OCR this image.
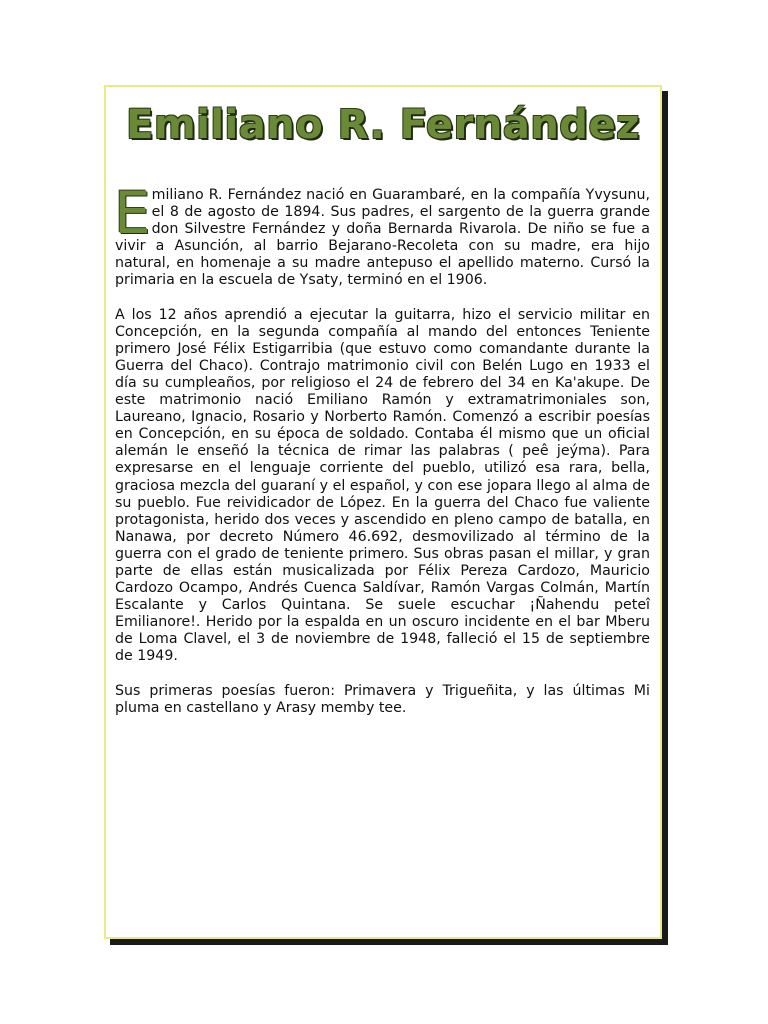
Emiliano R. Fernández

Emiliano R. Fernández nació en Guarambaré, en la compañía Yvysunu, el 8 de agosto de 1894. Sus padres, el sargento de la guerra grande don Silvestre Fernández y doña Bernarda Rivarola. De niño se fue a vivir a Asunción, al barrio Bejarano-Recoleta con su madre, era hijo natural, en homenaje a su madre antepuso el apellido materno. Cursó la primaria en la escuela de Ysaty, terminó en el 1906.

A los 12 años aprendió a ejecutar la guitarra, hizo el servicio militar en Concepción, en la segunda compañía al mando del entonces Teniente primero José Félix Estigarribia (que estuvo como comandante durante la Guerra del Chaco). Contrajo matrimonio civil con Belén Lugo en 1933 el día su cumpleaños, por religioso el 24 de febrero del 34 en Ka'akupe. De este matrimonio nació Emiliano Ramón y extramatrimoniales son, Laureano, Ignacio, Rosario y Norberto Ramón. Comenzó a escribir poesías en Concepción, en su época de soldado. Contaba él mismo que un oficial alemán le enseñó la técnica de rimar las palabras ( peê jeýma). Para expresarse en el lenguaje corriente del pueblo, utilizó esa rara, bella, graciosa mezcla del guaraní y el español, y con ese jopara llego al alma de su pueblo. Fue reividicador de López. En la guerra del Chaco fue valiente protagonista, herido dos veces y ascendido en pleno campo de batalla, en Nanawa, por decreto Número 46.692, desmovilizado al término de la guerra con el grado de teniente primero. Sus obras pasan el millar, y gran parte de ellas están musicalizada por Félix Pereza Cardozo, Mauricio Cardozo Ocampo, Andrés Cuenca Saldívar, Ramón Vargas Colmán, Martín Escalante y Carlos Quintana. Se suele escuchar ¡Ñahendu peteî Emilianore!. Herido por la espalda en un oscuro incidente en el bar Mberu de Loma Clavel, el 3 de noviembre de 1948, falleció el 15 de septiembre de 1949.

Sus primeras poesías fueron: Primavera y Trigueñita, y las últimas Mi pluma en castellano y Arasy memby tee.
